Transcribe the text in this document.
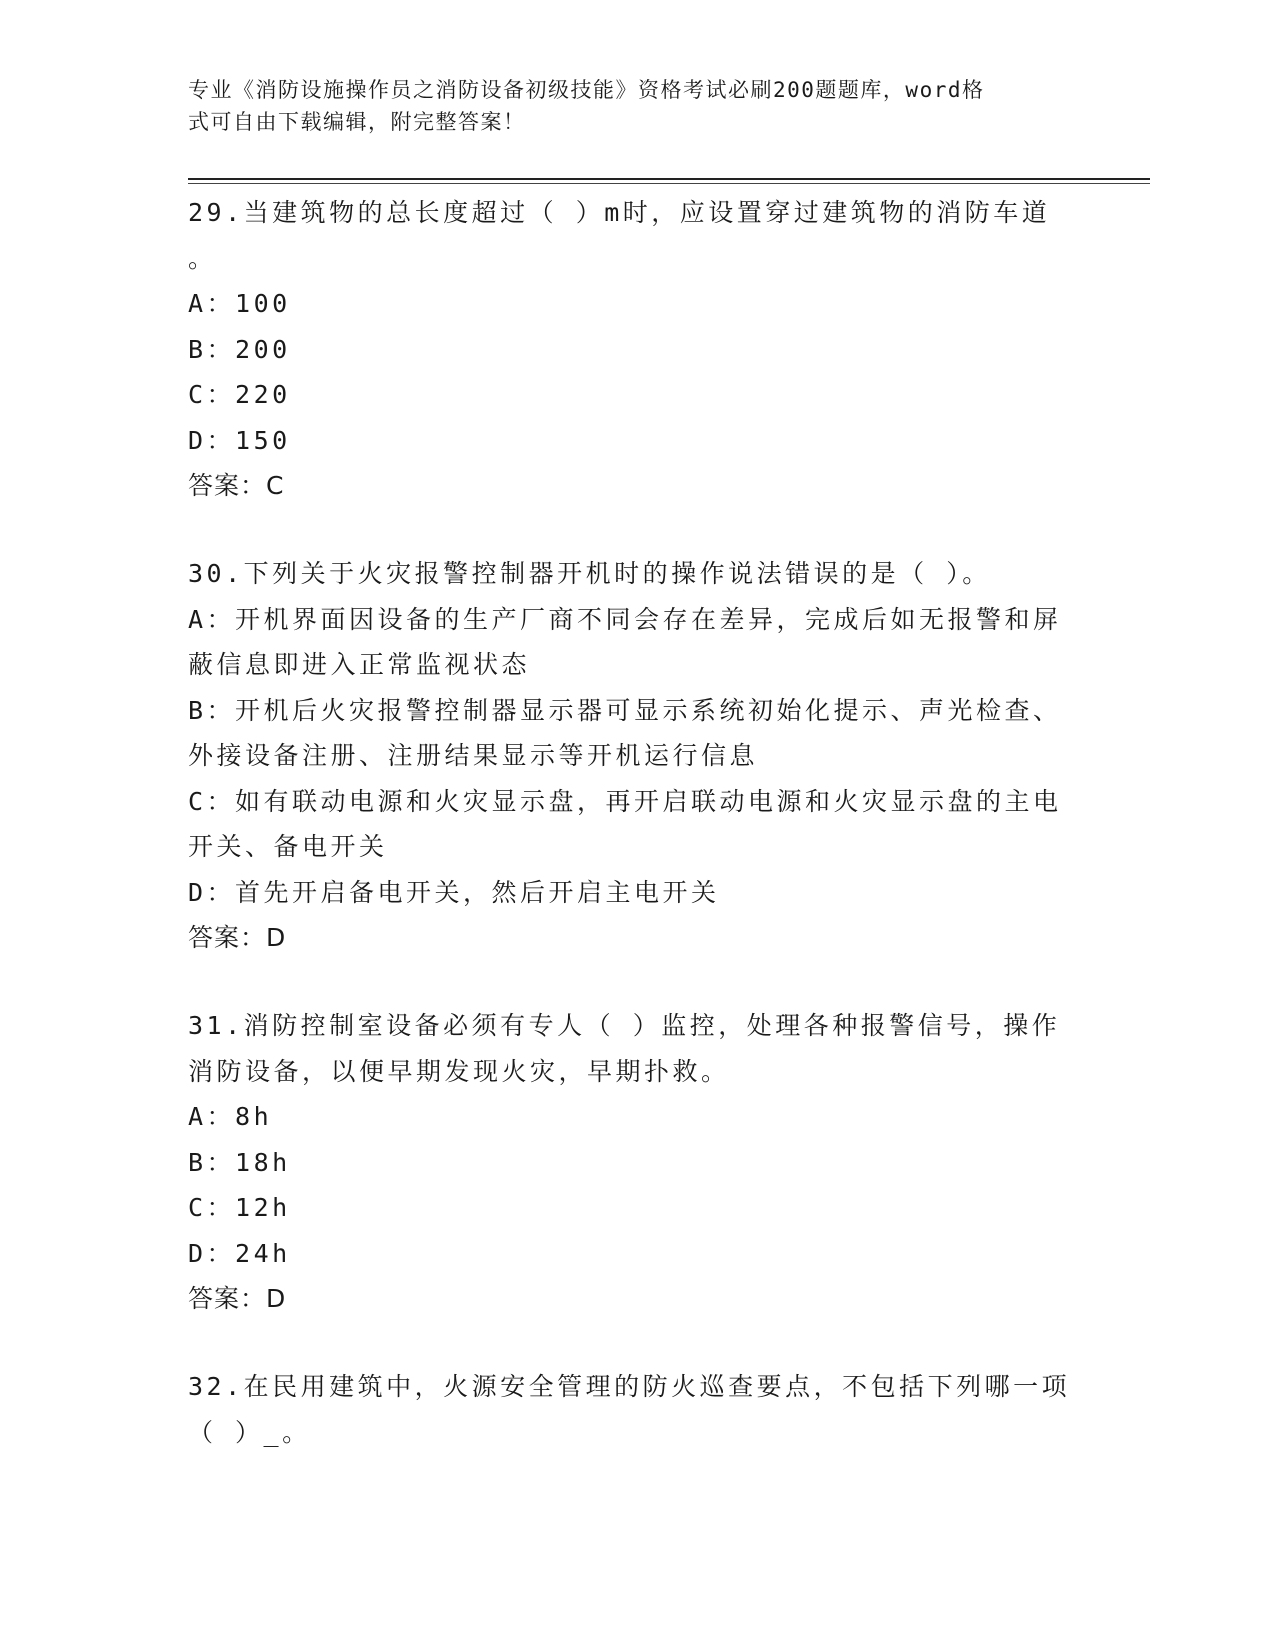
专业《消防设施操作员之消防设备初级技能》资格考试必刷200题题库，word格
式可自由下载编辑，附完整答案！
29.当建筑物的总长度超过（ ）m时，应设置穿过建筑物的消防车道
。
A：100
B：200
C：220
D：150
答案：C
30.下列关于火灾报警控制器开机时的操作说法错误的是（ ）。
A：开机界面因设备的生产厂商不同会存在差异，完成后如无报警和屏
蔽信息即进入正常监视状态
B：开机后火灾报警控制器显示器可显示系统初始化提示、声光检查、
外接设备注册、注册结果显示等开机运行信息
C：如有联动电源和火灾显示盘，再开启联动电源和火灾显示盘的主电
开关、备电开关
D：首先开启备电开关，然后开启主电开关
答案：D
31.消防控制室设备必须有专人（ ）监控，处理各种报警信号，操作
消防设备，以便早期发现火灾，早期扑救。
A：8h
B：18h
C：12h
D：24h
答案：D
32.在民用建筑中，火源安全管理的防火巡查要点，不包括下列哪一项
（ ）_。
